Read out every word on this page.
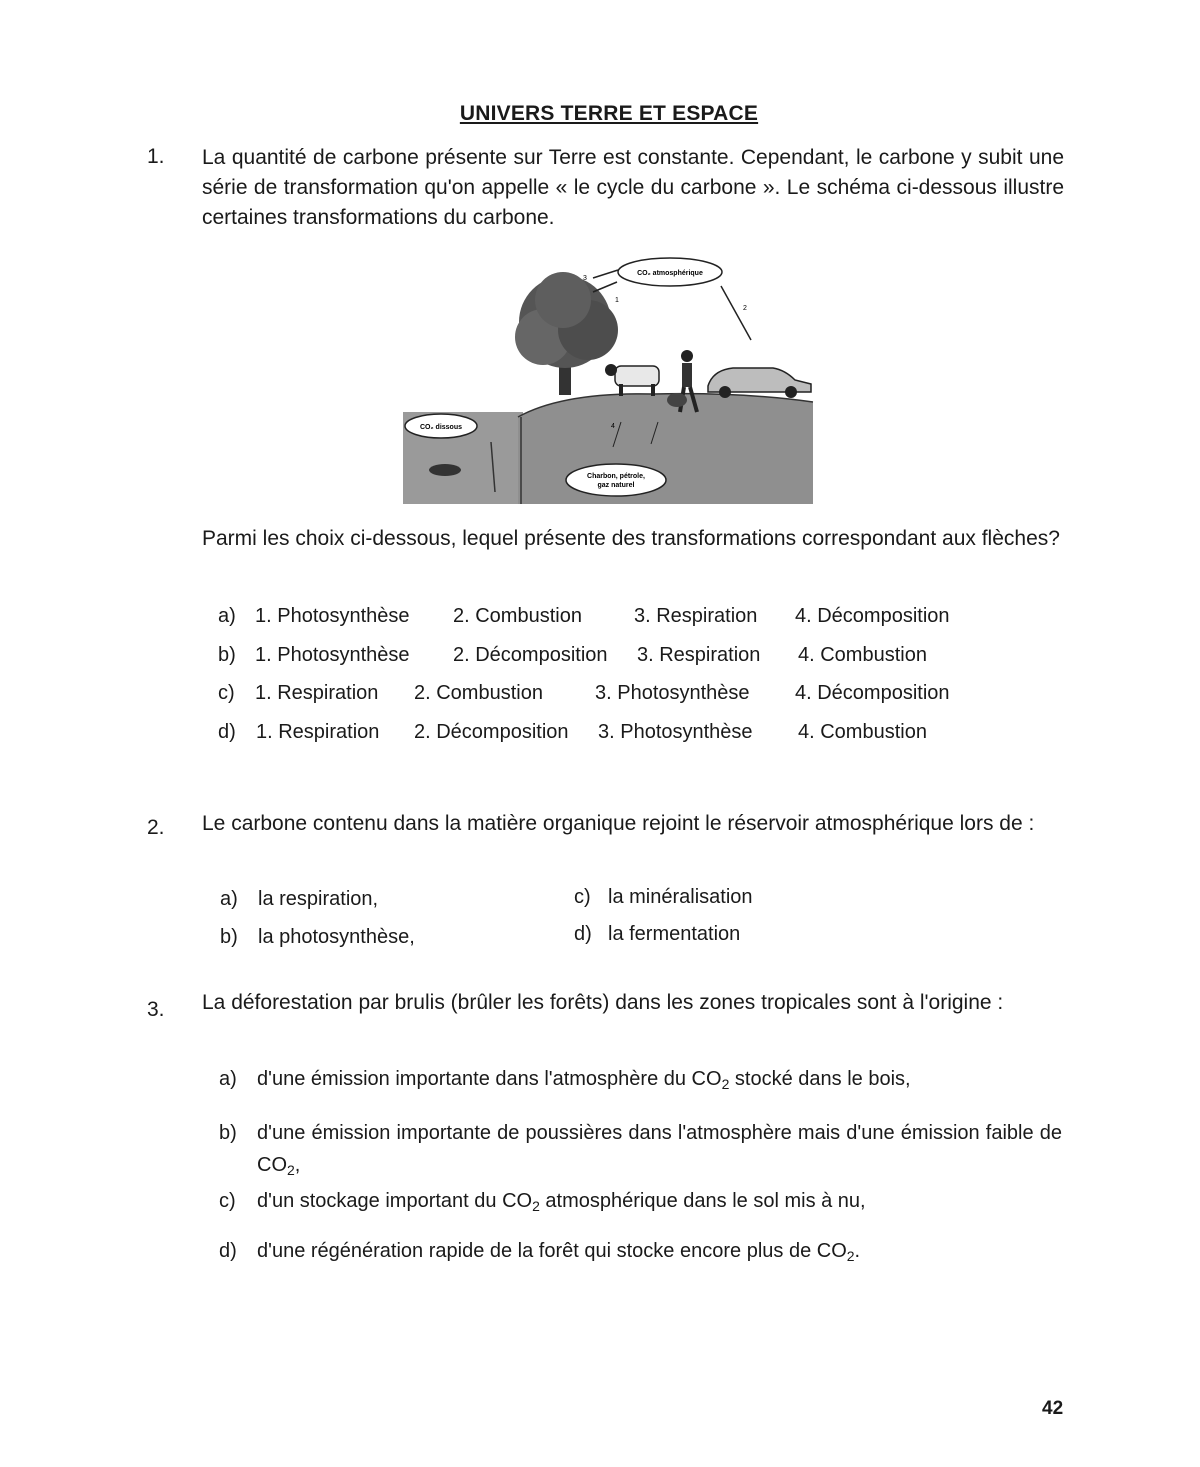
UNIVERS TERRE ET ESPACE
1. La quantité de carbone présente sur Terre est constante. Cependant, le carbone y subit une série de transformation qu'on appelle « le cycle du carbone ». Le schéma ci-dessous illustre certaines transformations du carbone.
CO₂ atmosphérique
3
1
2
CO₂ dissous
Charbon, pétrole,
gaz naturel
4
Parmi les choix ci-dessous, lequel présente des transformations correspondant aux flèches?
a) 1. Photosynthèse 2. Combustion	3. Respiration 4. Décomposition
b) 1. Photosynthèse 2. Décomposition 3. Respiration 4. Combustion
c) 1. Respiration 2. Combustion	3. Photosynthèse 4. Décomposition
d) 1. Respiration 2. Décomposition 3. Photosynthèse 4. Combustion
2. Le carbone contenu dans la matière organique rejoint le réservoir atmosphérique lors de :
a) la respiration,
b) la photosynthèse,
c) la minéralisation
d) la fermentation
3. La déforestation par brulis (brûler les forêts) dans les zones tropicales sont à l'origine :
a) d'une émission importante dans l'atmosphère du $CO_2$ stocké dans le bois,
b)	d'une émission importante de poussières dans l'atmosphère mais d'une émission faible de $CO_2$,
c) d'un stockage important du $CO_2$ atmosphérique dans le sol mis à nu,
d) d'une régénération rapide de la forêt qui stocke encore plus de $CO_2$.
42
